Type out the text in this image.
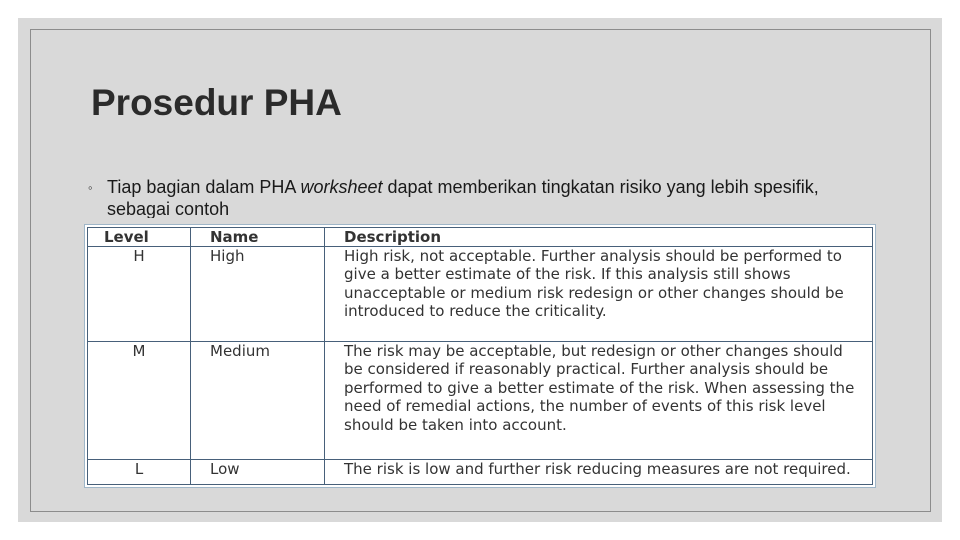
Prosedur PHA
◦ Tiap bagian dalam PHA worksheet dapat memberikan tingkatan risiko yang lebih spesifik, sebagai contoh
Level	Name	Description
H	High	High risk, not acceptable. Further analysis should be performed to give a better estimate of the risk. If this analysis still shows unacceptable or medium risk redesign or other changes should be introduced to reduce the criticality.
M	Medium	The risk may be acceptable, but redesign or other changes should be considered if reasonably practical. Further analysis should be performed to give a better estimate of the risk. When assessing the need of remedial actions, the number of events of this risk level should be taken into account.
L	Low	The risk is low and further risk reducing measures are not required.
